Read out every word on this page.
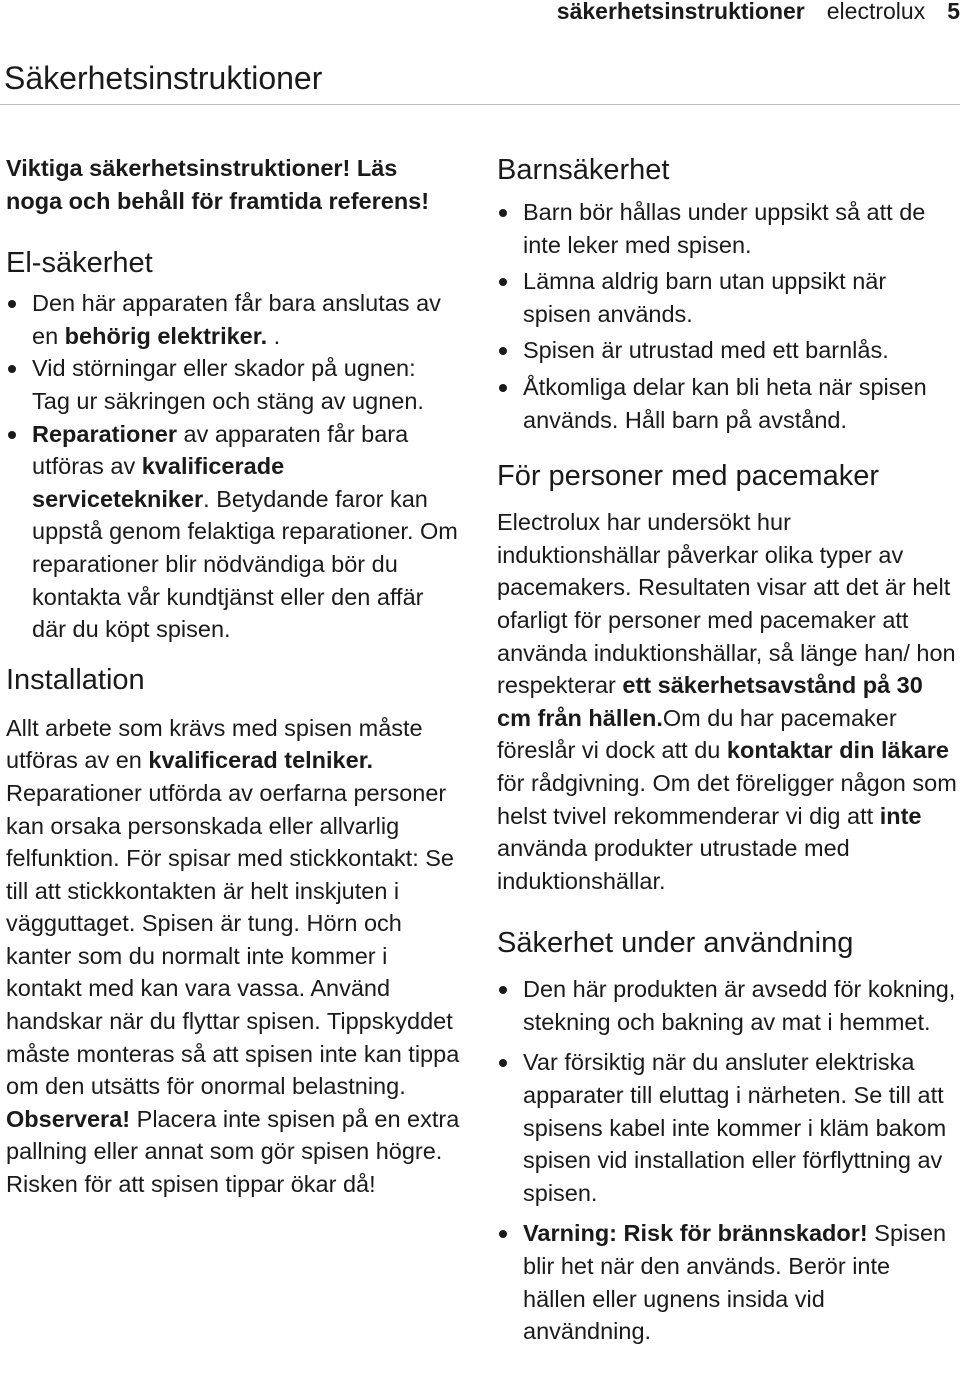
säkerhetsinstruktioner electrolux 5
Säkerhetsinstruktioner

Viktiga säkerhetsinstruktioner! Läs noga och behåll för framtida referens!

El-säkerhet
Den här apparaten får bara anslutas av en behörig elektriker. .
Vid störningar eller skador på ugnen: Tag ur säkringen och stäng av ugnen.
Reparationer av apparaten får bara utföras av kvalificerade servicetekniker. Betydande faror kan uppstå genom felaktiga reparationer. Om reparationer blir nödvändiga bör du kontakta vår kundtjänst eller den affär där du köpt spisen.
Installation

Allt arbete som krävs med spisen måste utföras av en kvalificerad telniker. Reparationer utförda av oerfarna personer kan orsaka personskada eller allvarlig felfunktion. För spisar med stickkontakt: Se till att stickkontakten är helt inskjuten i vägguttaget. Spisen är tung. Hörn och kanter som du normalt inte kommer i kontakt med kan vara vassa. Använd handskar när du flyttar spisen. Tippskyddet måste monteras så att spisen inte kan tippa om den utsätts för onormal belastning.

Observera! Placera inte spisen på en extra pallning eller annat som gör spisen högre. Risken för att spisen tippar ökar då!

Barnsäkerhet
Barn bör hållas under uppsikt så att de inte leker med spisen.
Lämna aldrig barn utan uppsikt när spisen används.
Spisen är utrustad med ett barnlås.
Åtkomliga delar kan bli heta när spisen används. Håll barn på avstånd.
För personer med pacemaker

Electrolux har undersökt hur induktionshällar påverkar olika typer av pacemakers. Resultaten visar att det är helt ofarligt för personer med pacemaker att använda induktionshällar, så länge han/ hon respekterar ett säkerhetsavstånd på 30 cm från hällen.Om du har pacemaker föreslår vi dock att du kontaktar din läkare för rådgivning. Om det föreligger någon som helst tvivel rekommenderar vi dig att inte använda produkter utrustade med induktionshällar.

Säkerhet under användning
Den här produkten är avsedd för kokning, stekning och bakning av mat i hemmet.
Var försiktig när du ansluter elektriska apparater till eluttag i närheten. Se till att spisens kabel inte kommer i kläm bakom spisen vid installation eller förflyttning av spisen.
Varning: Risk för brännskador! Spisen blir het när den används. Berör inte hällen eller ugnens insida vid användning.
